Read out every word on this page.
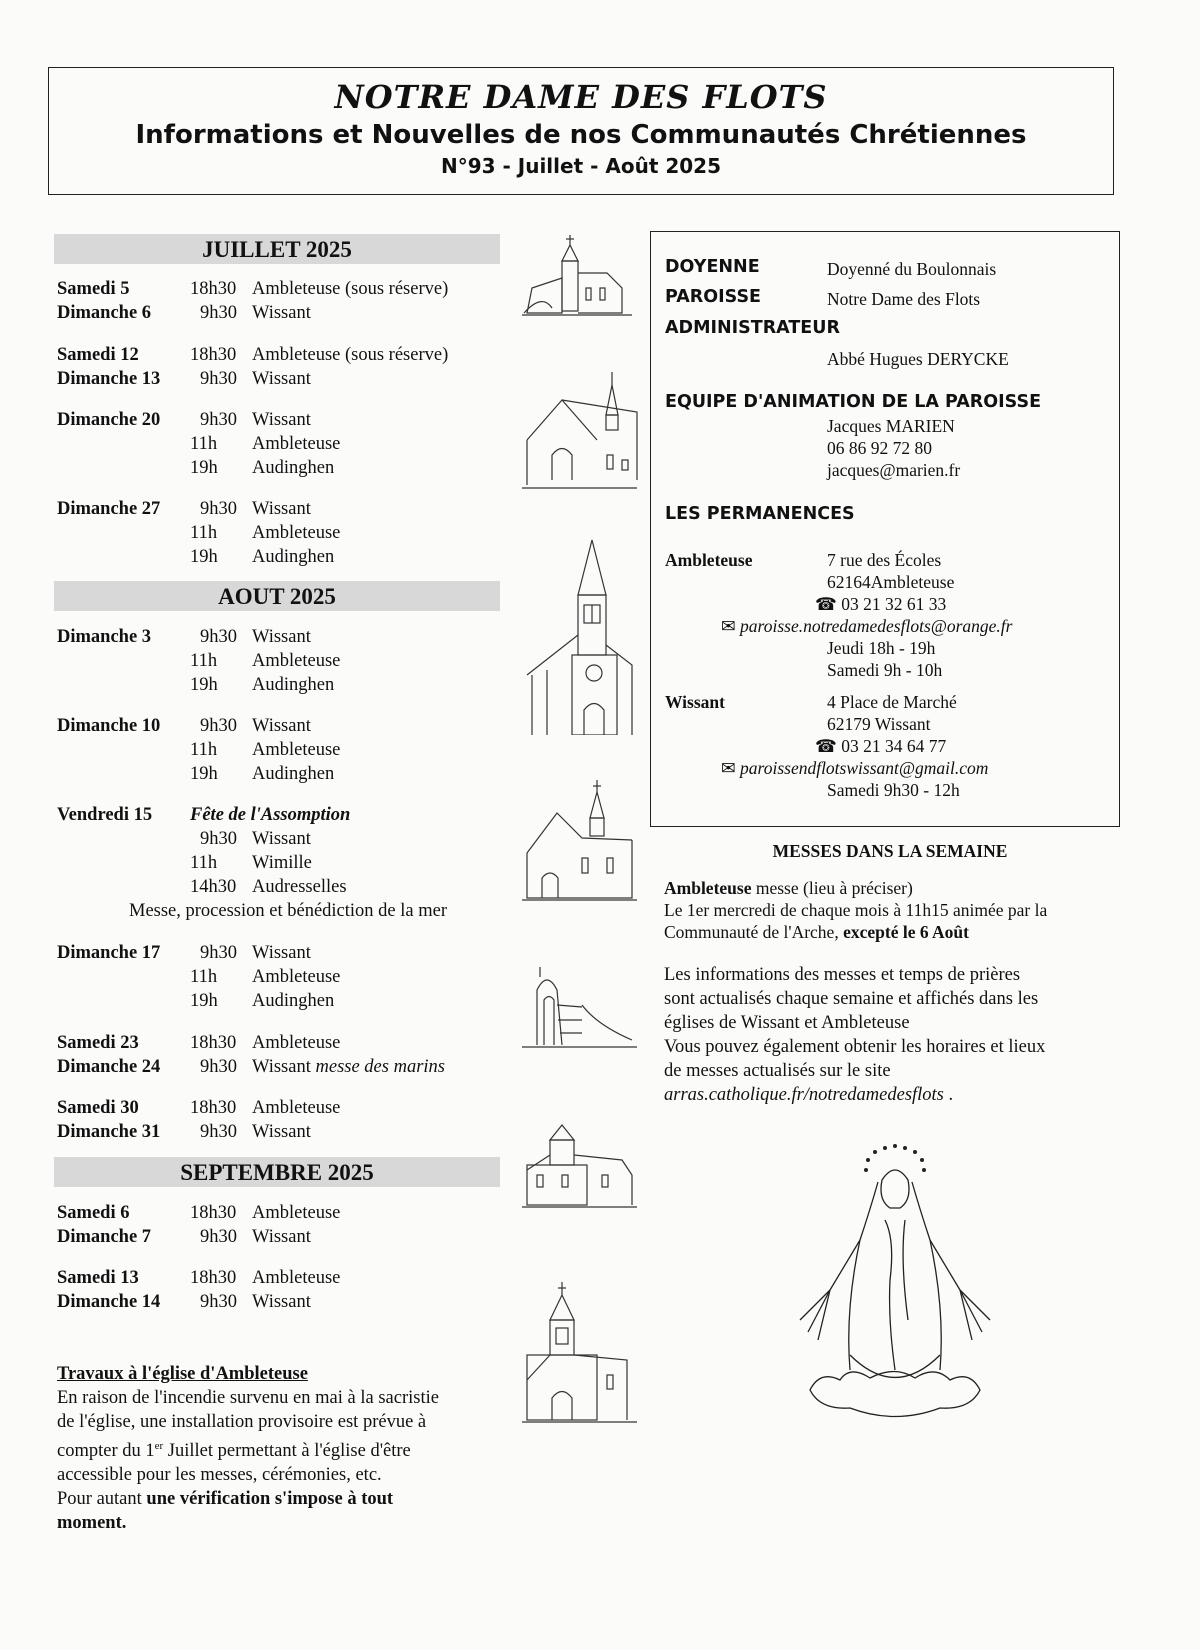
NOTRE DAME DES FLOTS
Informations et Nouvelles de nos Communautés Chrétiennes
N°93 - Juillet - Août 2025
JUILLET 2025
AOUT 2025
SEPTEMBRE 2025
Samedi 5	18h30 Ambleteuse (sous réserve)
Dimanche 6	9h30 Wissant
Samedi 12	18h30 Ambleteuse (sous réserve)
Dimanche 13 9h30 Wissant
Dimanche 20 9h30 Wissant
11h Ambleteuse
19h Audinghen
Dimanche 27 9h30 Wissant
11h Ambleteuse
19h Audinghen
Dimanche 3	9h30 Wissant
11h Ambleteuse
19h Audinghen
Dimanche 10 9h30 Wissant
11h Ambleteuse
19h Audinghen
Vendredi 15 Fête de l'Assomption
9h30 Wissant
11h Wimille
14h30 Audresselles
Messe, procession et bénédiction de la mer
Dimanche 17 9h30 Wissant
11h Ambleteuse
19h Audinghen
Samedi 23	18h30 Ambleteuse
Dimanche 24 9h30 Wissant messe des marins
Samedi 30	18h30 Ambleteuse
Dimanche 31 9h30 Wissant
Samedi 6	18h30 Ambleteuse
Dimanche 7	9h30 Wissant
Samedi 13	18h30 Ambleteuse
Dimanche 14 9h30 Wissant
Travaux à l'église d'Ambleteuse
En raison de l'incendie survenu en mai à la sacristie
de l'église, une installation provisoire est prévue à
compter du 1er Juillet permettant à l'église d'être
accessible pour les messes, cérémonies, etc.
Pour autant une vérification s'impose à tout
moment.
DOYENNE	Doyenné du Boulonnais
PAROISSE	Notre Dame des Flots
ADMINISTRATEUR
Abbé Hugues DERYCKE
EQUIPE D'ANIMATION DE LA PAROISSE
Jacques MARIEN
06 86 92 72 80
jacques@marien.fr
LES PERMANENCES
Ambleteuse	7 rue des Écoles
62164Ambleteuse
☎ 03 21 32 61 33
✉ paroisse.notredamedesflots@orange.fr
Jeudi 18h - 19h
Samedi 9h - 10h
Wissant	4 Place de Marché
62179 Wissant
☎ 03 21 34 64 77
✉ paroissendflotswissant@gmail.com
Samedi 9h30 - 12h
MESSES DANS LA SEMAINE
Ambleteuse messe (lieu à préciser)
Le 1er mercredi de chaque mois à 11h15 animée par la
Communauté de l'Arche, excepté le 6 Août
Les informations des messes et temps de prières
sont actualisés chaque semaine et affichés dans les
églises de Wissant et Ambleteuse
Vous pouvez également obtenir les horaires et lieux
de messes actualisés sur le site
arras.catholique.fr/notredamedesflots .
